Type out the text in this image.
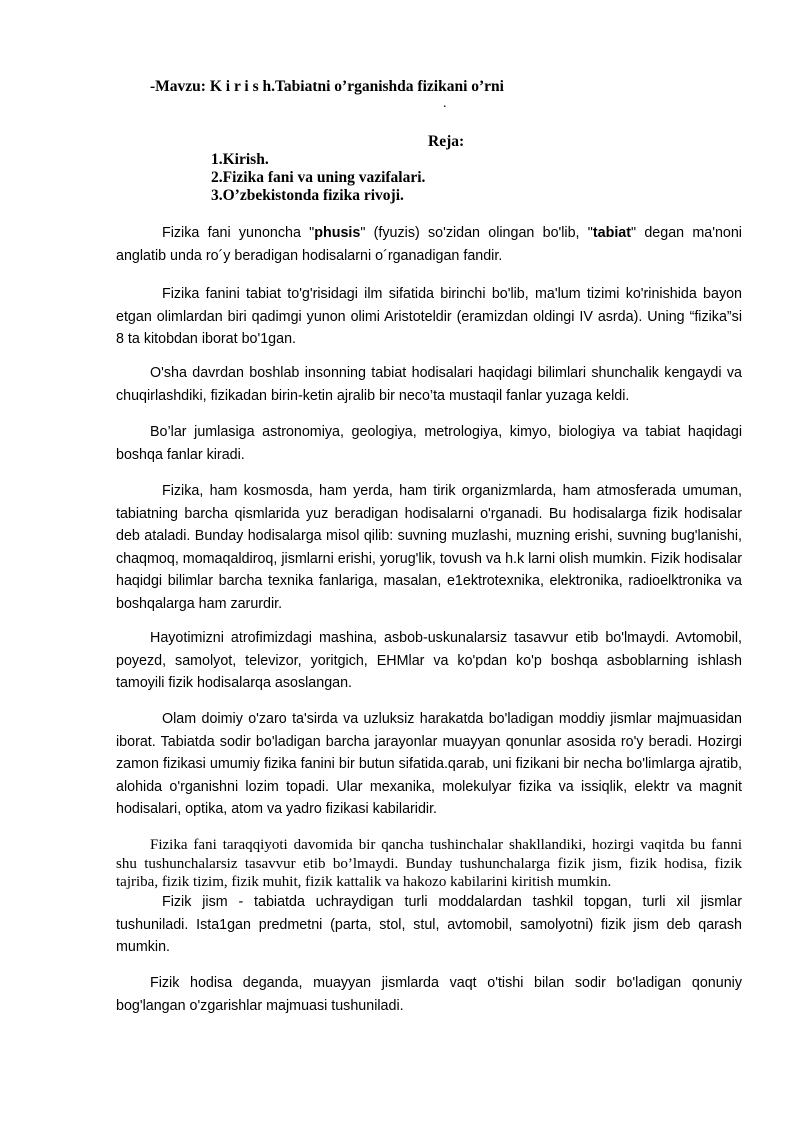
-Mavzu: K i r i s h.Tabiatni o’rganishda fizikani o’rni
.
Reja:
1.Kirish.
2.Fizika fani va uning vazifalari.
3.O’zbekistonda fizika rivoji.

Fizika fani yunoncha "phusis" (fyuzis) so'zidan olingan bo'lib, "tabiat" degan ma'noni anglatib unda ro´y beradigan hodisalarni o´rganadigan fandir.

Fizika fanini tabiat to'g'risidagi ilm sifatida birinchi bo'lib, ma'lum tizimi ko'rinishida bayon etgan olimlardan biri qadimgi yunon olimi Aristoteldir (eramizdan oldingi IV asrda). Uning “fizika”si 8 ta kitobdan iborat bo'1gan.

O'sha davrdan boshlab insonning tabiat hodisalari haqidagi bilimlari shunchalik kengaydi va chuqirlashdiki, fizikadan birin-ketin ajralib bir neco’ta mustaqil fanlar yuzaga keldi.

Bo’lar jumlasiga astronomiya, geologiya, metrologiya, kimyo, biologiya va tabiat haqidagi boshqa fanlar kiradi.

Fizika, ham kosmosda, ham yerda, ham tirik organizmlarda, ham atmosferada umuman, tabiatning barcha qismlarida yuz beradigan hodisalarni o'rganadi. Bu hodisalarga fizik hodisalar deb ataladi. Bunday hodisalarga misol qilib: suvning muzlashi, muzning erishi, suvning bug'lanishi, chaqmoq, momaqaldiroq, jismlarni erishi, yorug'lik, tovush va h.k larni olish mumkin. Fizik hodisalar haqidgi bilimlar barcha texnika fanlariga, masalan, e1ektrotexnika, elektronika, radioelktronika va boshqalarga ham zarurdir.

Hayotimizni atrofimizdagi mashina, asbob-uskunalarsiz tasavvur etib bo'lmaydi. Avtomobil, poyezd, samolyot, televizor, yoritgich, EHMlar va ko'pdan ko'p boshqa asboblarning ishlash tamoyili fizik hodisalarqa asoslangan.

Olam doimiy o'zaro ta'sirda va uzluksiz harakatda bo'ladigan moddiy jismlar majmuasidan iborat. Tabiatda sodir bo'ladigan barcha jarayonlar muayyan qonunlar asosida ro'y beradi. Hozirgi zamon fizikasi umumiy fizika fanini bir butun sifatida.qarab, uni fizikani bir necha bo'limlarga ajratib, alohida o'rganishni lozim topadi. Ular mexanika, molekulyar fizika va issiqlik, elektr va magnit hodisalari, optika, atom va yadro fizikasi kabilaridir.

Fizika fani taraqqiyoti davomida bir qancha tushinchalar shakllandiki, hozirgi vaqitda bu fanni shu tushunchalarsiz tasavvur etib bo’lmaydi. Bunday tushunchalarga fizik jism, fizik hodisa, fizik tajriba, fizik tizim, fizik muhit, fizik kattalik va hakozo kabilarini kiritish mumkin.

Fizik jism - tabiatda uchraydigan turli moddalardan tashkil topgan, turli xil jismlar tushuniladi. Ista1gan predmetni (parta, stol, stul, avtomobil, samolyotni) fizik jism deb qarash mumkin.

Fizik hodisa deganda, muayyan jismlarda vaqt o'tishi bilan sodir bo'ladigan qonuniy bog'langan o'zgarishlar majmuasi tushuniladi.
